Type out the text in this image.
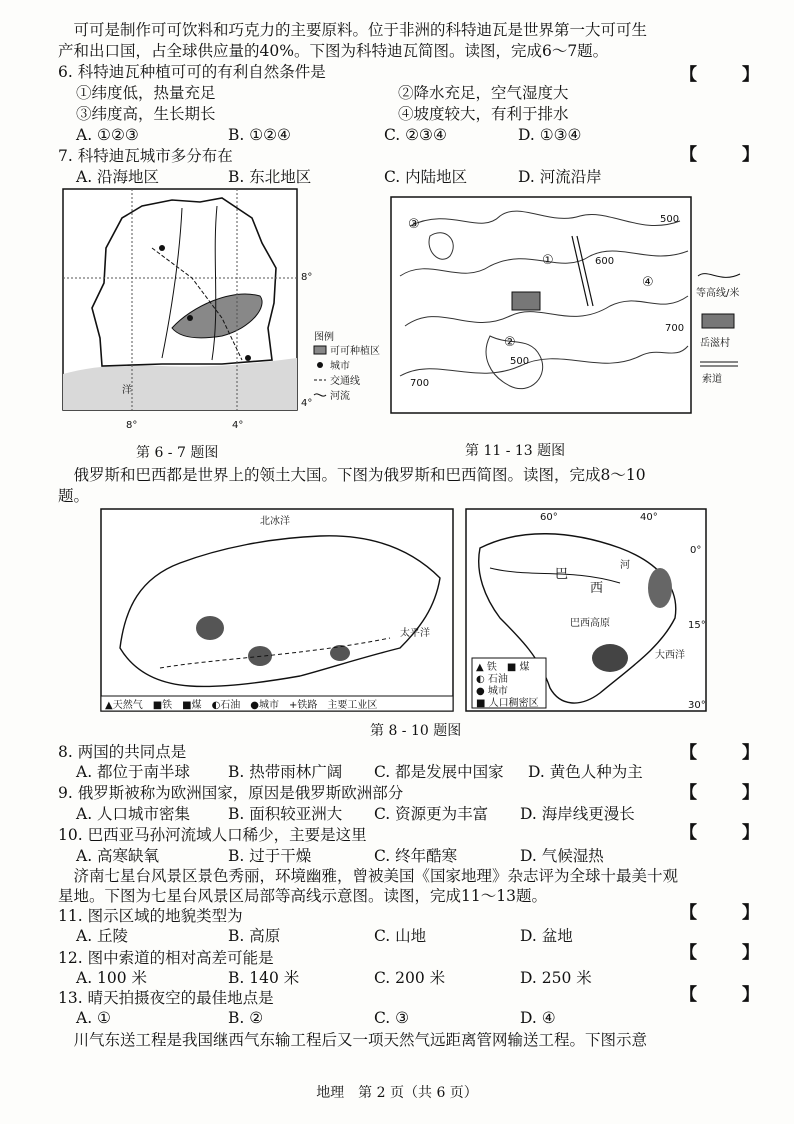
　可可是制作可可饮料和巧克力的主要原料。位于非洲的科特迪瓦是世界第一大可可生
产和出口国，占全球供应量的40%。下图为科特迪瓦简图。读图，完成6～7题。
6. 科特迪瓦种植可可的有利自然条件是	【　】
①纬度低，热量充足	②降水充足，空气湿度大
③纬度高，生长期长	④坡度较大，有利于排水
A. ①②③	B. ①②④	C. ②③④	D. ①③④
7. 科特迪瓦城市多分布在	【　】
A. 沿海地区	B. 东北地区	C. 内陆地区	D. 河流沿岸
8°
4°
8°	4°
洋
图例
可可种植区
城市
交通线
河流
第 6 - 7 题图
③
①
②
④
500
600
700
700
500
等高线/米
岳滋村
索道
第 11 - 13 题图
　俄罗斯和巴西都是世界上的领土大国。下图为俄罗斯和巴西简图。读图，完成8～10
题。
北冰洋
太平洋
▲天然气　■铁　■煤　◐石油　●城市　+铁路　主要工业区
巴
西
河
巴西高原
大西洋
60°	40°
0°
15°
30°
▲ 铁　■ 煤
◐ 石油
● 城市
■ 人口稠密区
第 8 - 10 题图
8. 两国的共同点是	【　】
A. 都位于南半球 B. 热带雨林广阔 C. 都是发展中国家 D. 黄色人种为主
9. 俄罗斯被称为欧洲国家，原因是俄罗斯欧洲部分	【　】
A. 人口城市密集 B. 面积较亚洲大 C. 资源更为丰富 D. 海岸线更漫长
10. 巴西亚马孙河流域人口稀少，主要是这里	【　】
A. 高寒缺氧	B. 过于干燥	C. 终年酷寒	D. 气候湿热
　济南七星台风景区景色秀丽，环境幽雅，曾被美国《国家地理》杂志评为全球十最美十观
星地。下图为七星台风景区局部等高线示意图。读图，完成11～13题。
11. 图示区域的地貌类型为	【　】
A. 丘陵	B. 高原	C. 山地	D. 盆地
12. 图中索道的相对高差可能是	【　】
A. 100 米	B. 140 米	C. 200 米	D. 250 米
13. 晴天拍摄夜空的最佳地点是	【　】
A. ①	B. ②	C. ③	D. ④
　川气东送工程是我国继西气东输工程后又一项天然气远距离管网输送工程。下图示意
地理　第 2 页（共 6 页）
